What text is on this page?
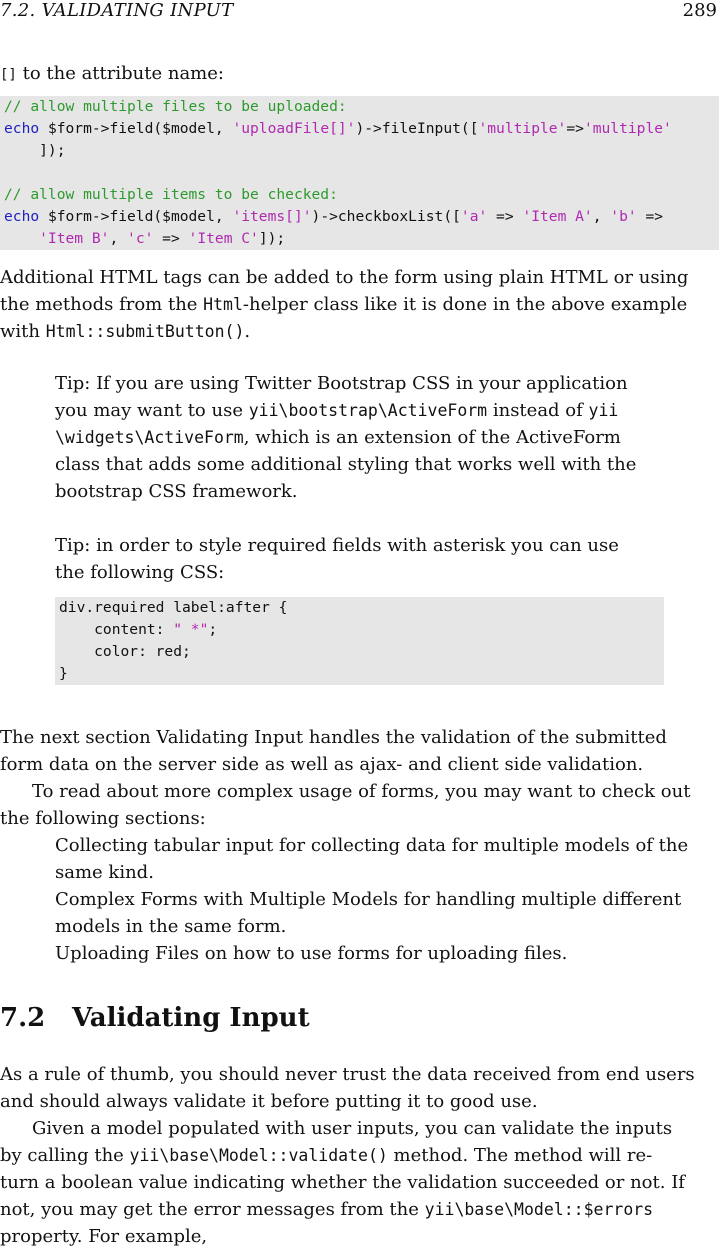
7.2. VALIDATING INPUT	289
[] to the attribute name:
// allow multiple files to be uploaded:
echo $form->field($model, 'uploadFile[]')->fileInput(['multiple'=>'multiple'
]);

// allow multiple items to be checked:
echo $form->field($model, 'items[]')->checkboxList(['a' => 'Item A', 'b' =>
'Item B', 'c' => 'Item C']);
Additional HTML tags can be added to the form using plain HTML or using
the methods from the Html-helper class like it is done in the above example
with Html::submitButton().
Tip: If you are using Twitter Bootstrap CSS in your application
you may want to use yii\bootstrap\ActiveForm instead of yii
\widgets\ActiveForm, which is an extension of the ActiveForm
class that adds some additional styling that works well with the
bootstrap CSS framework.
Tip: in order to style required fields with asterisk you can use
the following CSS:
div.required label:after {
content: " *";
color: red;
}
The next section Validating Input handles the validation of the submitted
form data on the server side as well as ajax- and client side validation.
To read about more complex usage of forms, you may want to check out
the following sections:
Collecting tabular input for collecting data for multiple models of the
same kind.
Complex Forms with Multiple Models for handling multiple different
models in the same form.
Uploading Files on how to use forms for uploading files.
7.2 Validating Input
As a rule of thumb, you should never trust the data received from end users
and should always validate it before putting it to good use.
Given a model populated with user inputs, you can validate the inputs
by calling the yii\base\Model::validate() method. The method will re-
turn a boolean value indicating whether the validation succeeded or not. If
not, you may get the error messages from the yii\base\Model::$errors
property. For example,
